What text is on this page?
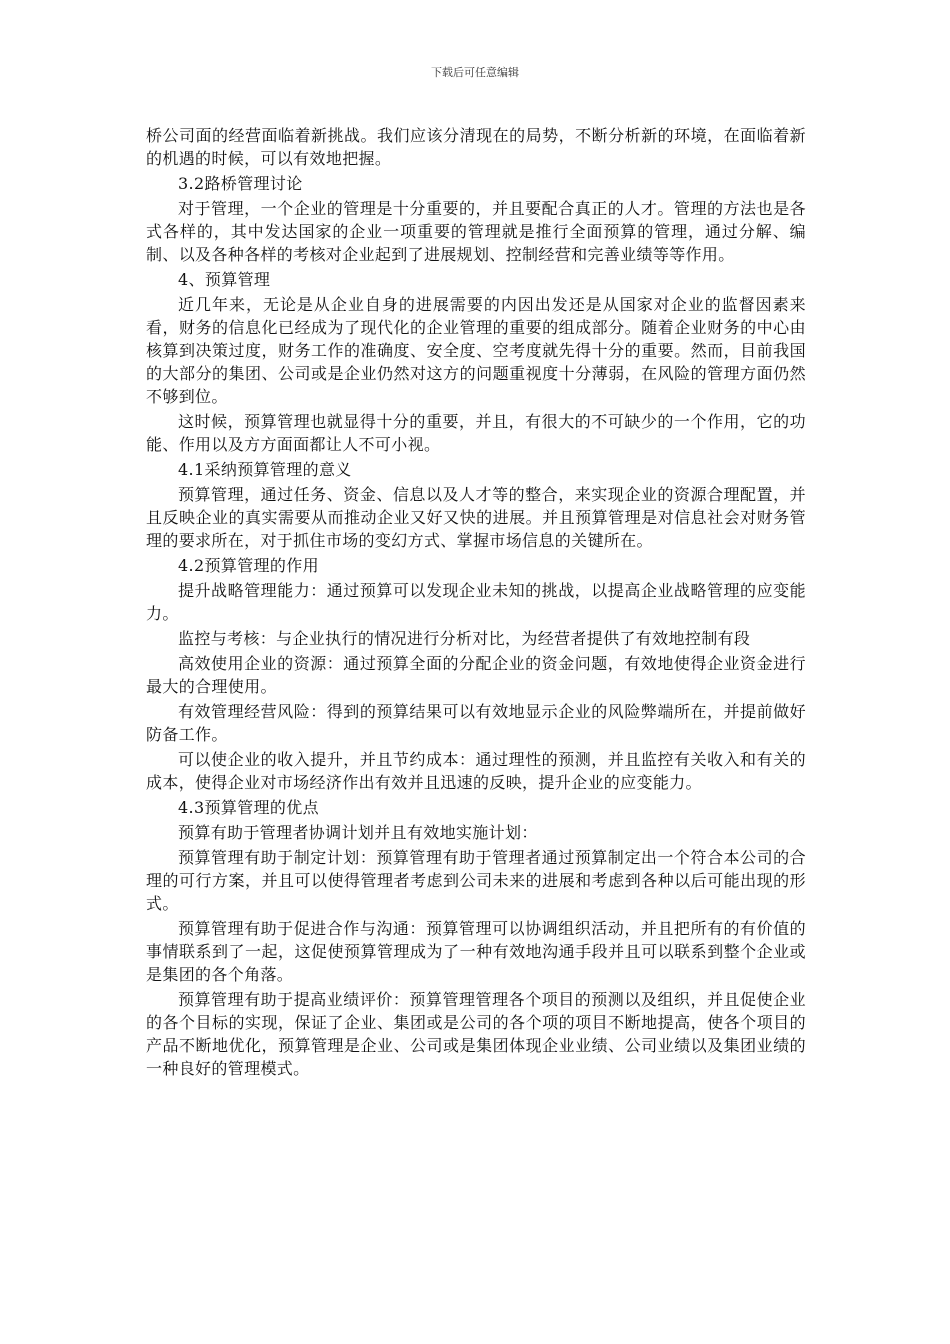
下载后可任意编辑

桥公司面的经营面临着新挑战。我们应该分清现在的局势，不断分析新的环境，在面临着新的机遇的时候，可以有效地把握。

3.2路桥管理讨论

对于管理，一个企业的管理是十分重要的，并且要配合真正的人才。管理的方法也是各式各样的，其中发达国家的企业一项重要的管理就是推行全面预算的管理，通过分解、编制、以及各种各样的考核对企业起到了进展规划、控制经营和完善业绩等等作用。

4、预算管理

近几年来，无论是从企业自身的进展需要的内因出发还是从国家对企业的监督因素来看，财务的信息化已经成为了现代化的企业管理的重要的组成部分。随着企业财务的中心由核算到决策过度，财务工作的准确度、安全度、空考度就先得十分的重要。然而，目前我国的大部分的集团、公司或是企业仍然对这方的问题重视度十分薄弱，在风险的管理方面仍然不够到位。

这时候，预算管理也就显得十分的重要，并且，有很大的不可缺少的一个作用，它的功能、作用以及方方面面都让人不可小视。

4.1采纳预算管理的意义

预算管理，通过任务、资金、信息以及人才等的整合，来实现企业的资源合理配置，并且反映企业的真实需要从而推动企业又好又快的进展。并且预算管理是对信息社会对财务管理的要求所在，对于抓住市场的变幻方式、掌握市场信息的关键所在。

4.2预算管理的作用

提升战略管理能力：通过预算可以发现企业未知的挑战，以提高企业战略管理的应变能力。

监控与考核：与企业执行的情况进行分析对比，为经营者提供了有效地控制有段

高效使用企业的资源：通过预算全面的分配企业的资金问题，有效地使得企业资金进行最大的合理使用。

有效管理经营风险：得到的预算结果可以有效地显示企业的风险弊端所在，并提前做好防备工作。

可以使企业的收入提升，并且节约成本：通过理性的预测，并且监控有关收入和有关的成本，使得企业对市场经济作出有效并且迅速的反映，提升企业的应变能力。

4.3预算管理的优点

预算有助于管理者协调计划并且有效地实施计划：

预算管理有助于制定计划：预算管理有助于管理者通过预算制定出一个符合本公司的合理的可行方案，并且可以使得管理者考虑到公司未来的进展和考虑到各种以后可能出现的形式。

预算管理有助于促进合作与沟通：预算管理可以协调组织活动，并且把所有的有价值的事情联系到了一起，这促使预算管理成为了一种有效地沟通手段并且可以联系到整个企业或是集团的各个角落。

预算管理有助于提高业绩评价：预算管理管理各个项目的预测以及组织，并且促使企业的各个目标的实现，保证了企业、集团或是公司的各个项的项目不断地提高，使各个项目的产品不断地优化，预算管理是企业、公司或是集团体现企业业绩、公司业绩以及集团业绩的一种良好的管理模式。
